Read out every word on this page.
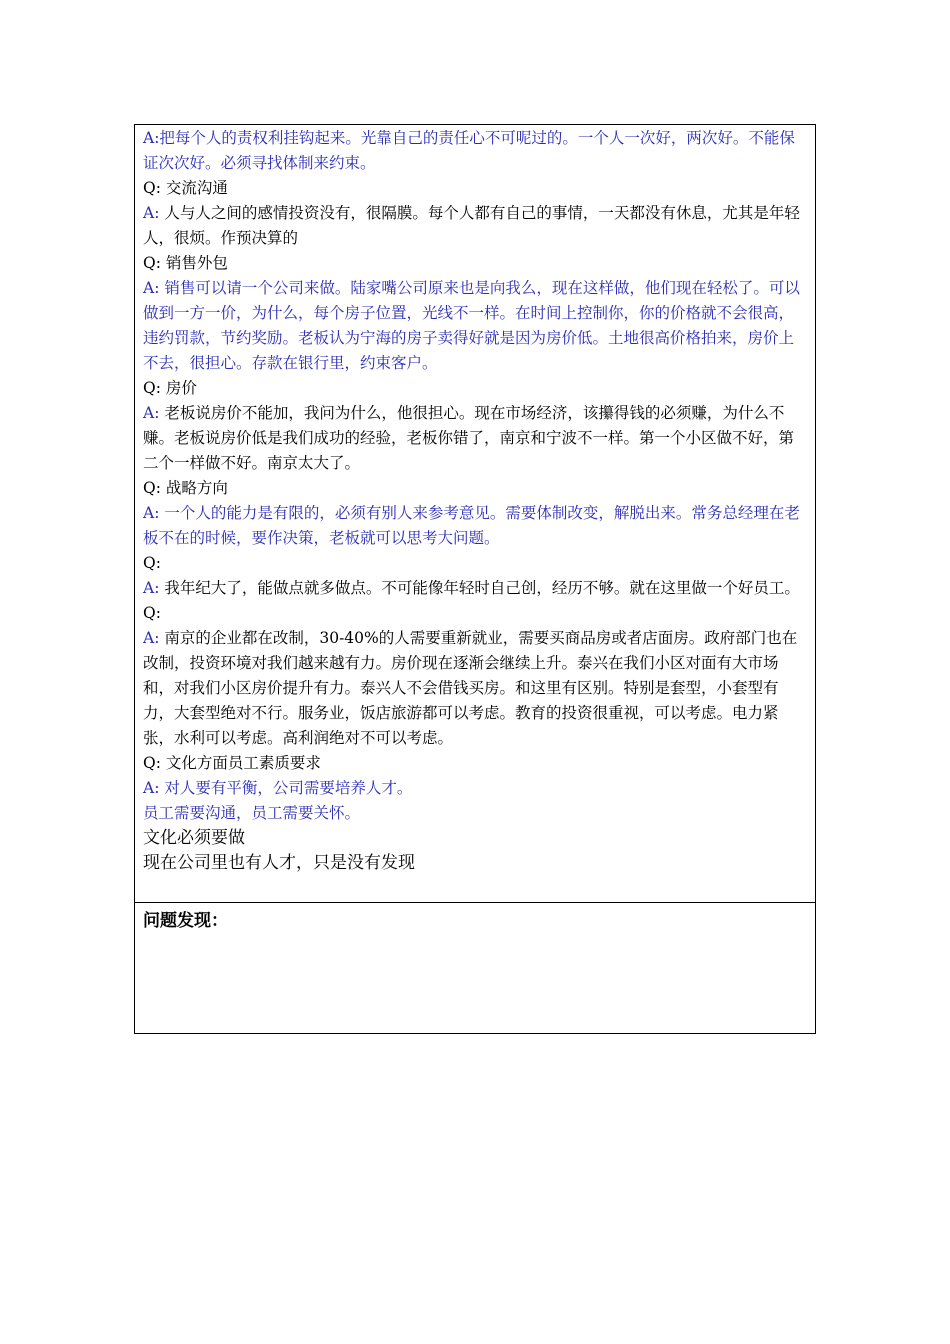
A:把每个人的责权利挂钩起来。光靠自己的责任心不可呢过的。一个人一次好，两次好。不能保证次次好。必须寻找体制来约束。

Q: 交流沟通

A: 人与人之间的感情投资没有，很隔膜。每个人都有自己的事情，一天都没有休息，尤其是年轻人，很烦。作预决算的

Q: 销售外包

A: 销售可以请一个公司来做。陆家嘴公司原来也是向我么，现在这样做，他们现在轻松了。可以做到一方一价，为什么，每个房子位置，光线不一样。在时间上控制你，你的价格就不会很高，违约罚款，节约奖励。老板认为宁海的房子卖得好就是因为房价低。土地很高价格拍来，房价上不去，很担心。存款在银行里，约束客户。

Q: 房价

A: 老板说房价不能加，我问为什么，他很担心。现在市场经济，该攥得钱的必须赚，为什么不赚。老板说房价低是我们成功的经验，老板你错了，南京和宁波不一样。第一个小区做不好，第二个一样做不好。南京太大了。

Q: 战略方向

A: 一个人的能力是有限的，必须有别人来参考意见。需要体制改变，解脱出来。常务总经理在老板不在的时候，要作决策，老板就可以思考大问题。

Q:

A: 我年纪大了，能做点就多做点。不可能像年轻时自己创，经历不够。就在这里做一个好员工。

Q:

A: 南京的企业都在改制，30-40%的人需要重新就业，需要买商品房或者店面房。政府部门也在改制，投资环境对我们越来越有力。房价现在逐渐会继续上升。泰兴在我们小区对面有大市场和，对我们小区房价提升有力。泰兴人不会借钱买房。和这里有区别。特别是套型，小套型有力，大套型绝对不行。服务业，饭店旅游都可以考虑。教育的投资很重视，可以考虑。电力紧张，水利可以考虑。高利润绝对不可以考虑。

Q: 文化方面员工素质要求

A: 对人要有平衡，公司需要培养人才。

员工需要沟通，员工需要关怀。

文化必须要做

现在公司里也有人才，只是没有发现

问题发现：
